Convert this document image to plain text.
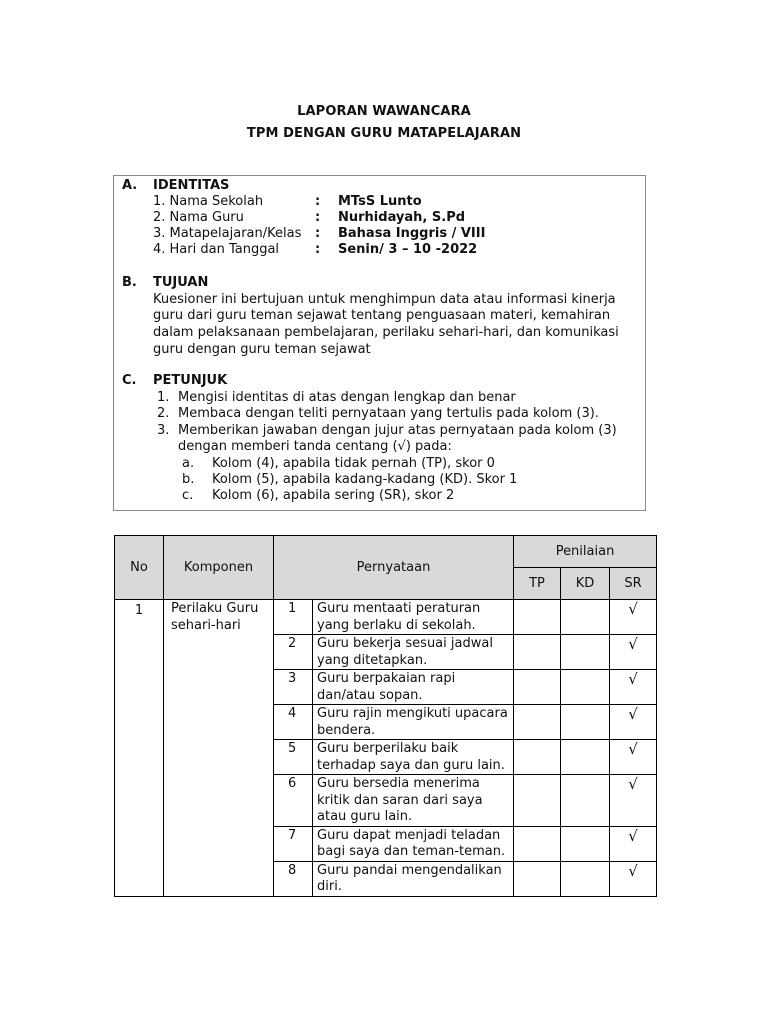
LAPORAN WAWANCARA
TPM DENGAN GURU MATAPELAJARAN
A. IDENTITAS
1. Nama Sekolah	: MTsS Lunto
2. Nama Guru	: Nurhidayah, S.Pd
3. Matapelajaran/Kelas : Bahasa Inggris / VIII
4. Hari dan Tanggal	: Senin/ 3 – 10 -2022
B. TUJUAN
Kuesioner ini bertujuan untuk menghimpun data atau informasi kinerja
guru dari guru teman sejawat tentang penguasaan materi, kemahiran
dalam pelaksanaan pembelajaran, perilaku sehari-hari, dan komunikasi
guru dengan guru teman sejawat
C. PETUNJUK
1. Mengisi identitas di atas dengan lengkap dan benar
2. Membaca dengan teliti pernyataan yang tertulis pada kolom (3).
3. Memberikan jawaban dengan jujur atas pernyataan pada kolom (3)
dengan memberi tanda centang (√) pada:
a. Kolom (4), apabila tidak pernah (TP), skor 0
b. Kolom (5), apabila kadang-kadang (KD). Skor 1
c. Kolom (6), apabila sering (SR), skor 2
No	Komponen	Pernyataan		Penilaian		
				TP	KD	SR
1	Perilaku Guru sehari-hari	1	Guru mentaati peraturan yang berlaku di sekolah.			√
		2	Guru bekerja sesuai jadwal yang ditetapkan.			√
		3	Guru berpakaian rapi dan/atau sopan.			√
		4	Guru rajin mengikuti upacara bendera.			√
		5	Guru berperilaku baik terhadap saya dan guru lain.			√
		6	Guru bersedia menerima kritik dan saran dari saya atau guru lain.			√
		7	Guru dapat menjadi teladan bagi saya dan teman-teman.			√
		8	Guru pandai mengendalikan diri.			√
